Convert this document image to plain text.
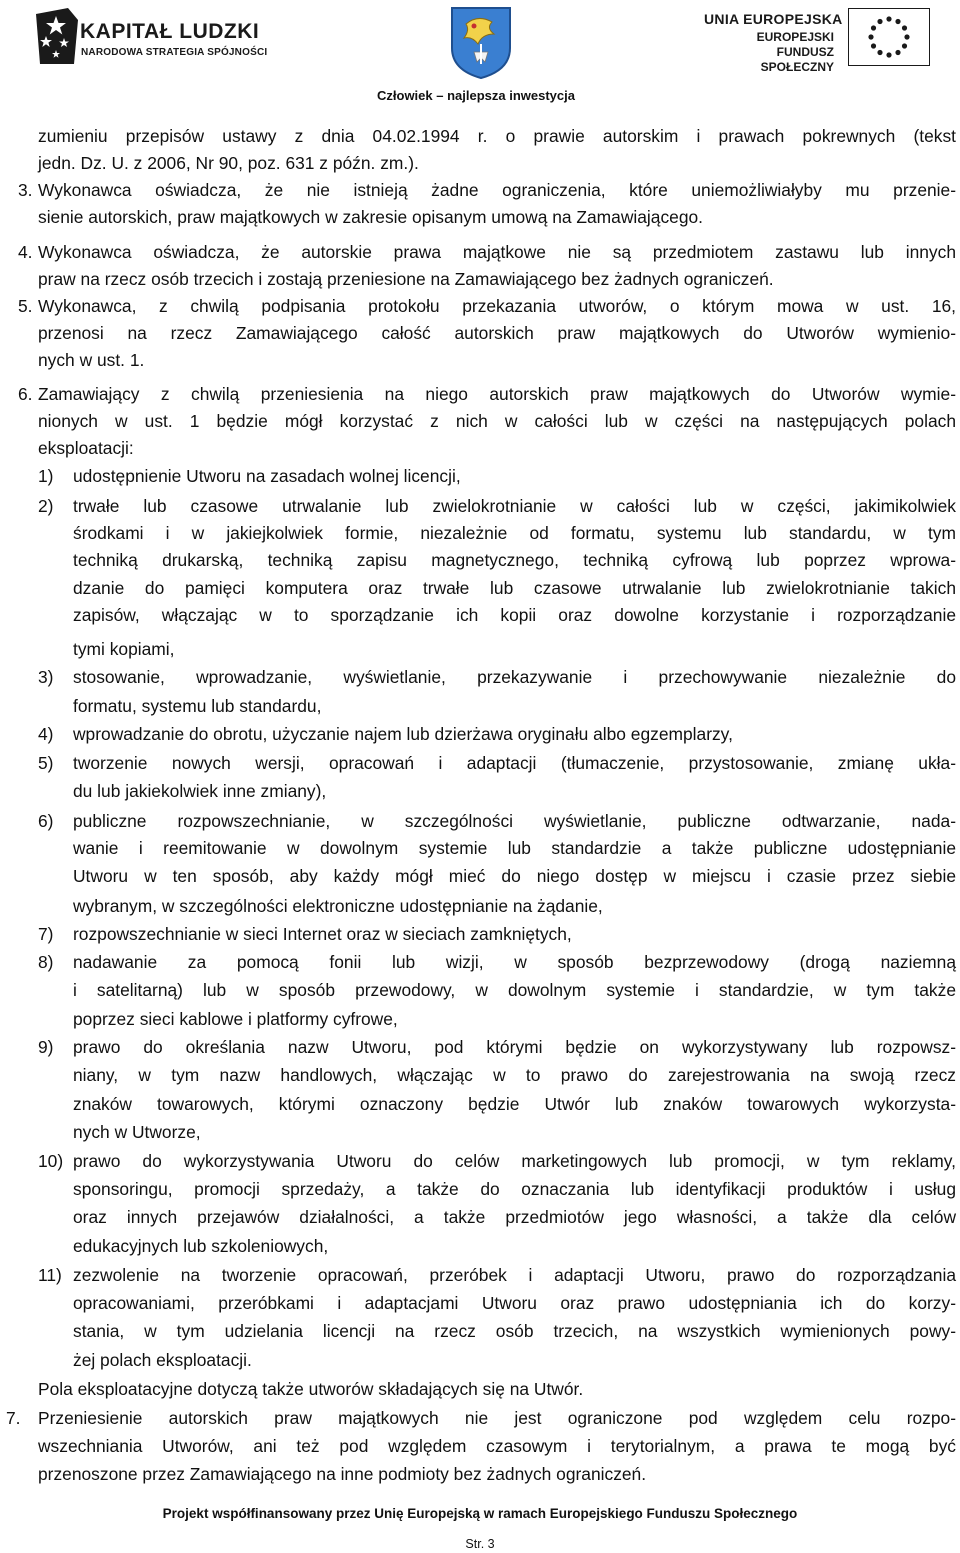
KAPITAŁ LUDZKI
NARODOWA STRATEGIA SPÓJNOŚCI
UNIA EUROPEJSKA
EUROPEJSKI
FUNDUSZ SPOŁECZNY
Człowiek – najlepsza inwestycja
zumieniu przepisów ustawy z dnia 04.02.1994 r. o prawie autorskim i prawach pokrewnych (tekst
jedn. Dz. U. z 2006, Nr 90, poz. 631 z późn. zm.).
3. Wykonawca oświadcza, że nie istnieją żadne ograniczenia, które uniemożliwiałyby mu przenie-
sienie autorskich, praw majątkowych w zakresie opisanym umową na Zamawiającego.
4. Wykonawca oświadcza, że autorskie prawa majątkowe nie są przedmiotem zastawu lub innych
praw na rzecz osób trzecich i zostają przeniesione na Zamawiającego bez żadnych ograniczeń.
5. Wykonawca, z chwilą podpisania protokołu przekazania utworów, o którym mowa w ust. 16,
przenosi na rzecz Zamawiającego całość autorskich praw majątkowych do Utworów wymienio-
nych w ust. 1.
6. Zamawiający z chwilą przeniesienia na niego autorskich praw majątkowych do Utworów wymie-
nionych w ust. 1 będzie mógł korzystać z nich w całości lub w części na następujących polach
eksploatacji:
1) udostępnienie Utworu na zasadach wolnej licencji,
2) trwałe lub czasowe utrwalanie lub zwielokrotnianie w całości lub w części, jakimikolwiek
środkami i w jakiejkolwiek formie, niezależnie od formatu, systemu lub standardu, w tym
techniką drukarską, techniką zapisu magnetycznego, techniką cyfrową lub poprzez wprowa-
dzanie do pamięci komputera oraz trwałe lub czasowe utrwalanie lub zwielokrotnianie takich
zapisów, włączając w to sporządzanie ich kopii oraz dowolne korzystanie i rozporządzanie
tymi kopiami,
3) stosowanie, wprowadzanie, wyświetlanie, przekazywanie i przechowywanie niezależnie do
formatu, systemu lub standardu,
4) wprowadzanie do obrotu, użyczanie najem lub dzierżawa oryginału albo egzemplarzy,
5) tworzenie nowych wersji, opracowań i adaptacji (tłumaczenie, przystosowanie, zmianę ukła-
du lub jakiekolwiek inne zmiany),
6) publiczne rozpowszechnianie, w szczególności wyświetlanie, publiczne odtwarzanie, nada-
wanie i reemitowanie w dowolnym systemie lub standardzie a także publiczne udostępnianie
Utworu w ten sposób, aby każdy mógł mieć do niego dostęp w miejscu i czasie przez siebie
wybranym, w szczególności elektroniczne udostępnianie na żądanie,
7) rozpowszechnianie w sieci Internet oraz w sieciach zamkniętych,
8) nadawanie za pomocą fonii lub wizji, w sposób bezprzewodowy (drogą naziemną
i satelitarną) lub w sposób przewodowy, w dowolnym systemie i standardzie, w tym także
poprzez sieci kablowe i platformy cyfrowe,
9) prawo do określania nazw Utworu, pod którymi będzie on wykorzystywany lub rozpowsz-
niany, w tym nazw handlowych, włączając w to prawo do zarejestrowania na swoją rzecz
znaków towarowych, którymi oznaczony będzie Utwór lub znaków towarowych wykorzysta-
nych w Utworze,
10) prawo do wykorzystywania Utworu do celów marketingowych lub promocji, w tym reklamy,
sponsoringu, promocji sprzedaży, a także do oznaczania lub identyfikacji produktów i usług
oraz innych przejawów działalności, a także przedmiotów jego własności, a także dla celów
edukacyjnych lub szkoleniowych,
11) zezwolenie na tworzenie opracowań, przeróbek i adaptacji Utworu, prawo do rozporządzania
opracowaniami, przeróbkami i adaptacjami Utworu oraz prawo udostępniania ich do korzy-
stania, w tym udzielania licencji na rzecz osób trzecich, na wszystkich wymienionych powy-
żej polach eksploatacji.
Pola eksploatacyjne dotyczą także utworów składających się na Utwór.
7. Przeniesienie autorskich praw majątkowych nie jest ograniczone pod względem celu rozpo-
wszechniania Utworów, ani też pod względem czasowym i terytorialnym, a prawa te mogą być
przenoszone przez Zamawiającego na inne podmioty bez żadnych ograniczeń.
Projekt współfinansowany przez Unię Europejską w ramach Europejskiego Funduszu Społecznego
Str. 3
